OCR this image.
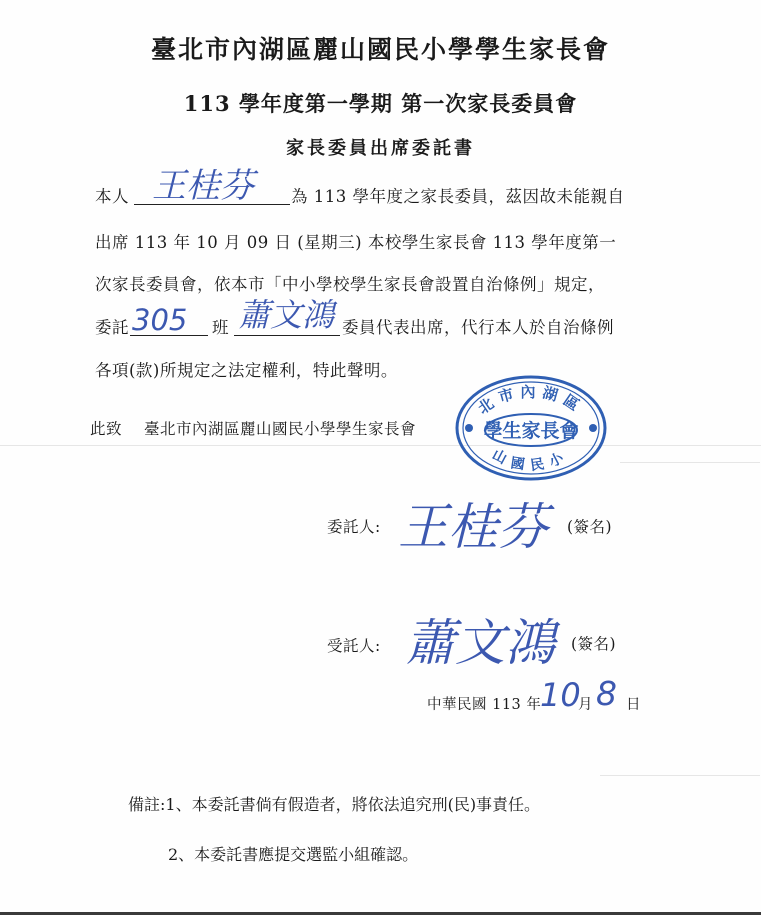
臺北市內湖區麗山國民小學學生家長會
113 學年度第一學期 第一次家長委員會
家長委員出席委託書
本人 王桂芬 為 113 學年度之家長委員，茲因故未能親自
出席 113 年 10 月 09 日 (星期三) 本校學生家長會 113 學年度第一
次家長委員會，依本市「中小學校學生家長會設置自治條例」規定，
委託 305 班 蕭文鴻 委員代表出席，代行本人於自治條例
各項(款)所規定之法定權利，特此聲明。
此致 臺北市內湖區麗山國民小學學生家長會
北市內湖區
學生家長會
山國民小
委託人: 王桂芬 (簽名)
受託人: 蕭文鴻 (簽名)
中華民國 113 年
10
月 8 日
備註:1、本委託書倘有假造者，將依法追究刑(民)事責任。
2、本委託書應提交選監小組確認。
